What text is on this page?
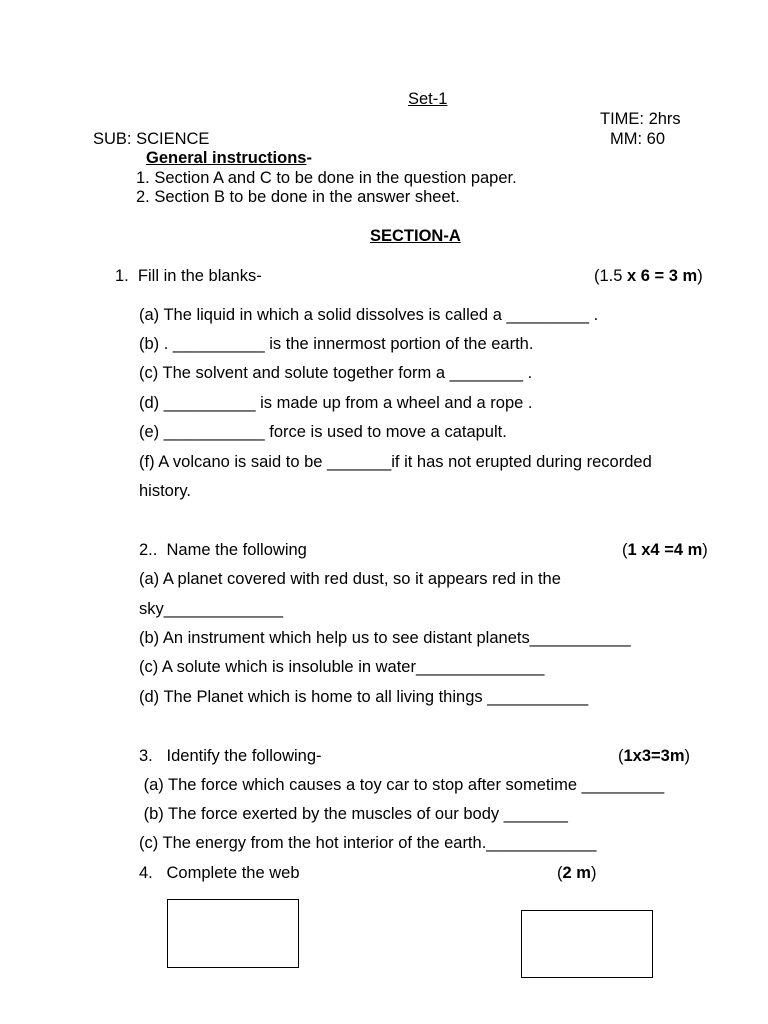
Set-1
TIME: 2hrs
SUB: SCIENCE	MM: 60
General instructions-
1. Section A and C to be done in the question paper.
2. Section B to be done in the answer sheet.
SECTION-A
1.  Fill in the blanks-	(1.5 x 6 = 3 m)
(a) The liquid in which a solid dissolves is called a _________ .
(b) . __________ is the innermost portion of the earth.
(c) The solvent and solute together form a ________ .
(d) __________ is made up from a wheel and a rope .
(e) ___________ force is used to move a catapult.
(f) A volcano is said to be _______if it has not erupted during recorded
history.
2..  Name the following	(1 x4 =4 m)
(a) A planet covered with red dust, so it appears red in the
sky_____________
(b) An instrument which help us to see distant planets___________
(c) A solute which is insoluble in water______________
(d) The Planet which is home to all living things ___________
3.   Identify the following-	(1x3=3m)
(a) The force which causes a toy car to stop after sometime _________
(b) The force exerted by the muscles of our body _______
(c) The energy from the hot interior of the earth.____________
4.   Complete the web	(2 m)
